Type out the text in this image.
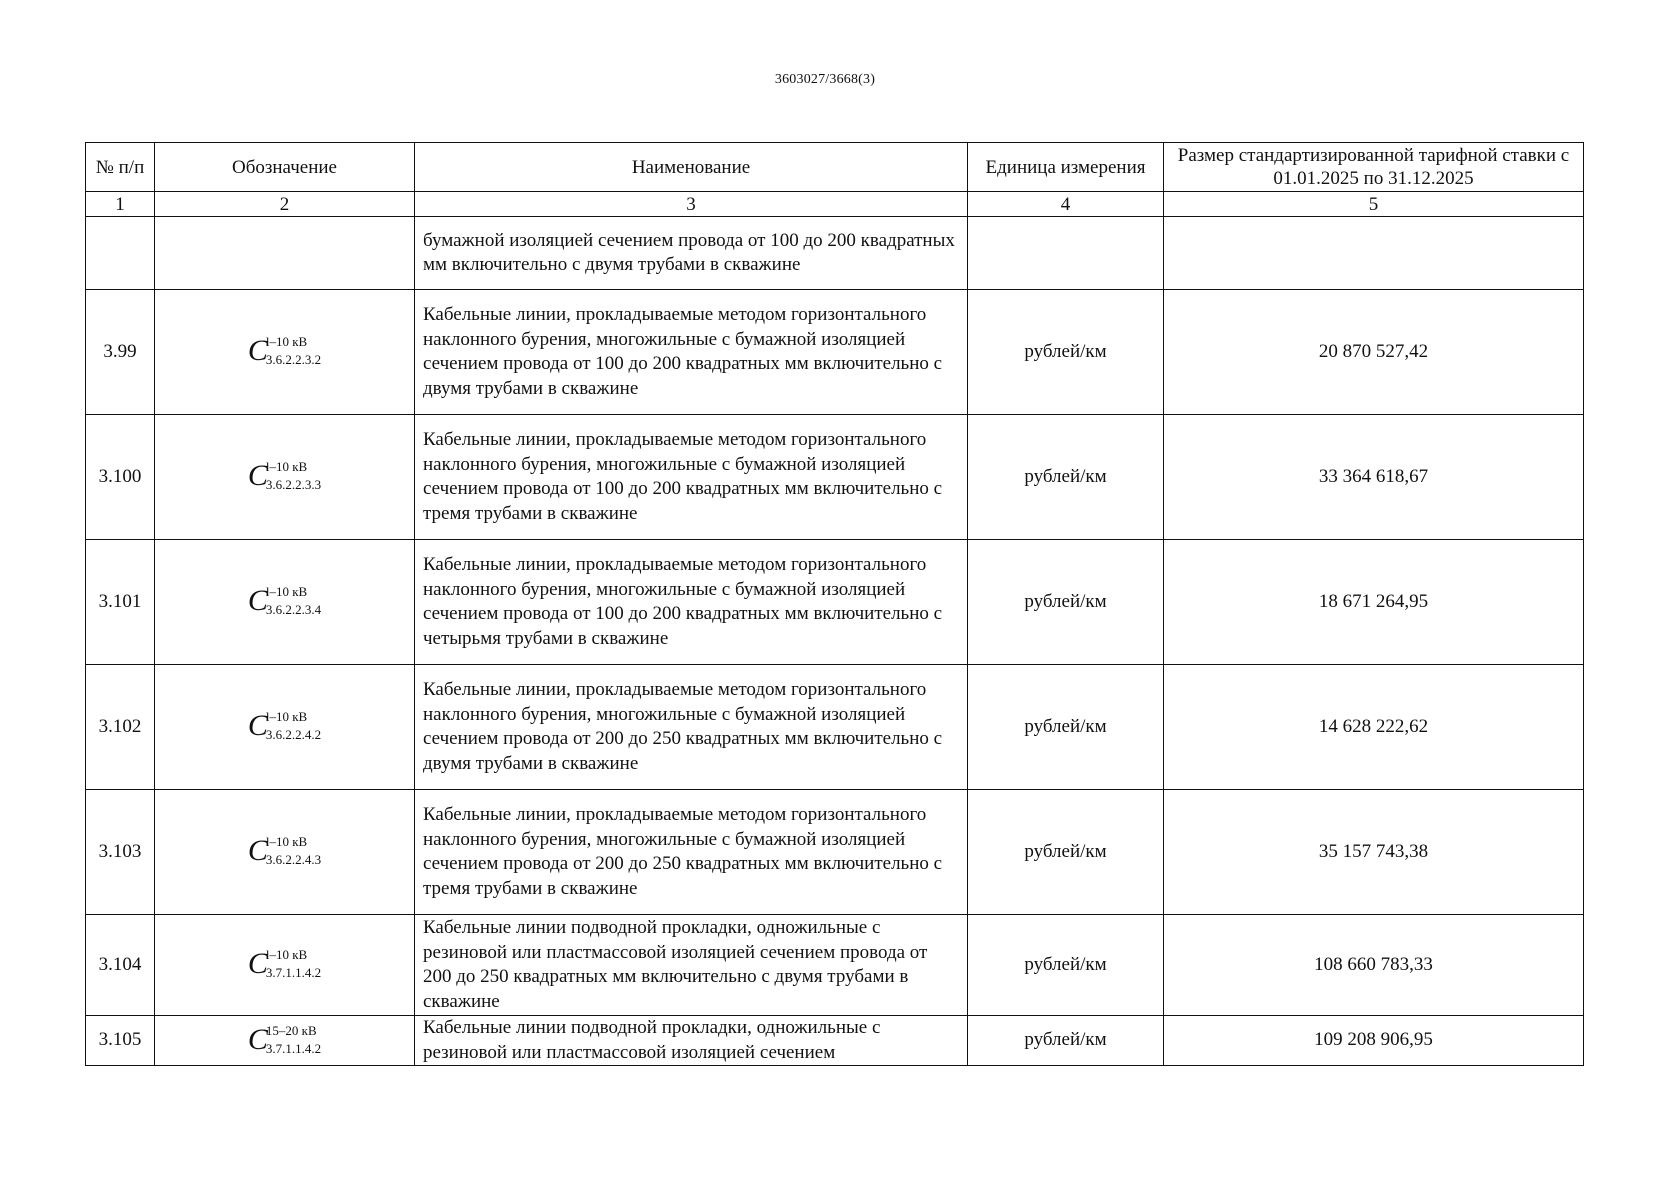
3603027/3668(3)
№ п/п	Обозначение	Наименование	Единица измерения	Размер стандартизированной тарифной ставки с 01.01.2025 по 31.12.2025
1	2	3	4	5
		бумажной изоляцией сечением провода от 100 до 200 квадратных мм включительно с двумя трубами в скважине		
3.99	C
l–10 кВ
3.6.2.2.3.2	Кабельные линии, прокладываемые методом горизонтального наклонного бурения, многожильные с бумажной изоляцией сечением провода от 100 до 200 квадратных мм включительно с двумя трубами в скважине	рублей/км	20 870 527,42
3.100	C
l–10 кВ
3.6.2.2.3.3	Кабельные линии, прокладываемые методом горизонтального наклонного бурения, многожильные с бумажной изоляцией сечением провода от 100 до 200 квадратных мм включительно с тремя трубами в скважине	рублей/км	33 364 618,67
3.101	C
l–10 кВ
3.6.2.2.3.4	Кабельные линии, прокладываемые методом горизонтального наклонного бурения, многожильные с бумажной изоляцией сечением провода от 100 до 200 квадратных мм включительно с четырьмя трубами в скважине	рублей/км	18 671 264,95
3.102	C
l–10 кВ
3.6.2.2.4.2	Кабельные линии, прокладываемые методом горизонтального наклонного бурения, многожильные с бумажной изоляцией сечением провода от 200 до 250 квадратных мм включительно с двумя трубами в скважине	рублей/км	14 628 222,62
3.103	C
l–10 кВ
3.6.2.2.4.3	Кабельные линии, прокладываемые методом горизонтального наклонного бурения, многожильные с бумажной изоляцией сечением провода от 200 до 250 квадратных мм включительно с тремя трубами в скважине	рублей/км	35 157 743,38
3.104	C
l–10 кВ
3.7.1.1.4.2	Кабельные линии подводной прокладки, одножильные с резиновой или пластмассовой изоляцией сечением провода от 200 до 250 квадратных мм включительно с двумя трубами в скважине	рублей/км	108 660 783,33
3.105	C
15–20 кВ
3.7.1.1.4.2	Кабельные линии подводной прокладки, одножильные с резиновой или пластмассовой изоляцией сечением	рублей/км	109 208 906,95
